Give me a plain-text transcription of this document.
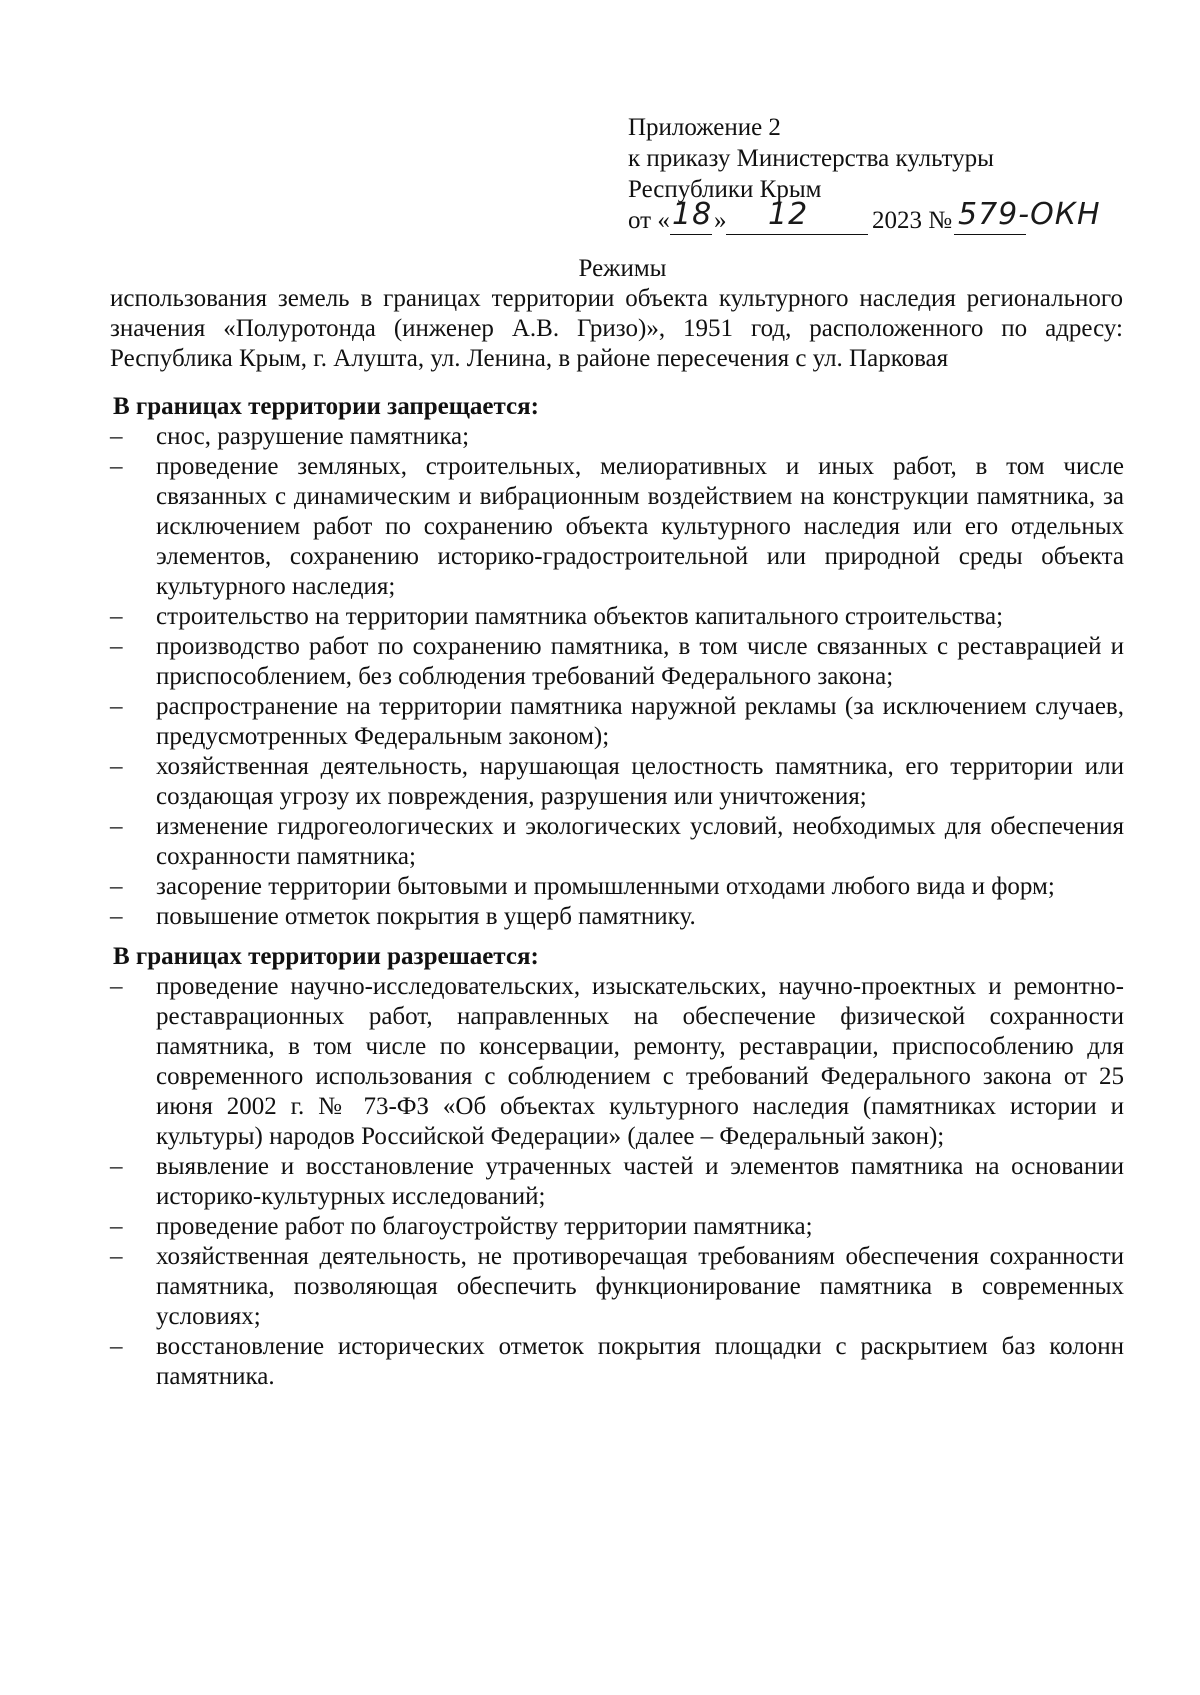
Приложение 2
к приказу Министерства культуры
Республики Крым
от « 18 » 12	2023 № 579-ОКН
Режимы
использования земель в границах территории объекта культурного наследия регионального значения «Полуротонда (инженер А.В. Гризо)», 1951 год, расположенного по адресу: Республика Крым, г. Алушта, ул. Ленина, в районе пересечения с ул. Парковая
В границах территории запрещается:
– снос, разрушение памятника;
– проведение земляных, строительных, мелиоративных и иных работ, в том числе связанных с динамическим и вибрационным воздействием на конструкции памятника, за исключением работ по сохранению объекта культурного наследия или его отдельных элементов, сохранению историко-градостроительной или природной среды объекта культурного наследия;
– строительство на территории памятника объектов капитального строительства;
– производство работ по сохранению памятника, в том числе связанных с реставрацией и приспособлением, без соблюдения требований Федерального закона;
– распространение на территории памятника наружной рекламы (за исключением случаев, предусмотренных Федеральным законом);
– хозяйственная деятельность, нарушающая целостность памятника, его территории или создающая угрозу их повреждения, разрушения или уничтожения;
– изменение гидрогеологических и экологических условий, необходимых для обеспечения сохранности памятника;
– засорение территории бытовыми и промышленными отходами любого вида и форм;
– повышение отметок покрытия в ущерб памятнику.
В границах территории разрешается:
– проведение научно-исследовательских, изыскательских, научно-проектных и ремонтно-реставрационных работ, направленных на обеспечение физической сохранности памятника, в том числе по консервации, ремонту, реставрации, приспособлению для современного использования с соблюдением с требований Федерального закона от 25 июня 2002 г. № 73-ФЗ «Об объектах культурного наследия (памятниках истории и культуры) народов Российской Федерации» (далее – Федеральный закон);
– выявление и восстановление утраченных частей и элементов памятника на основании историко-культурных исследований;
– проведение работ по благоустройству территории памятника;
– хозяйственная деятельность, не противоречащая требованиям обеспечения сохранности памятника, позволяющая обеспечить функционирование памятника в современных условиях;
– восстановление исторических отметок покрытия площадки с раскрытием баз колонн памятника.
